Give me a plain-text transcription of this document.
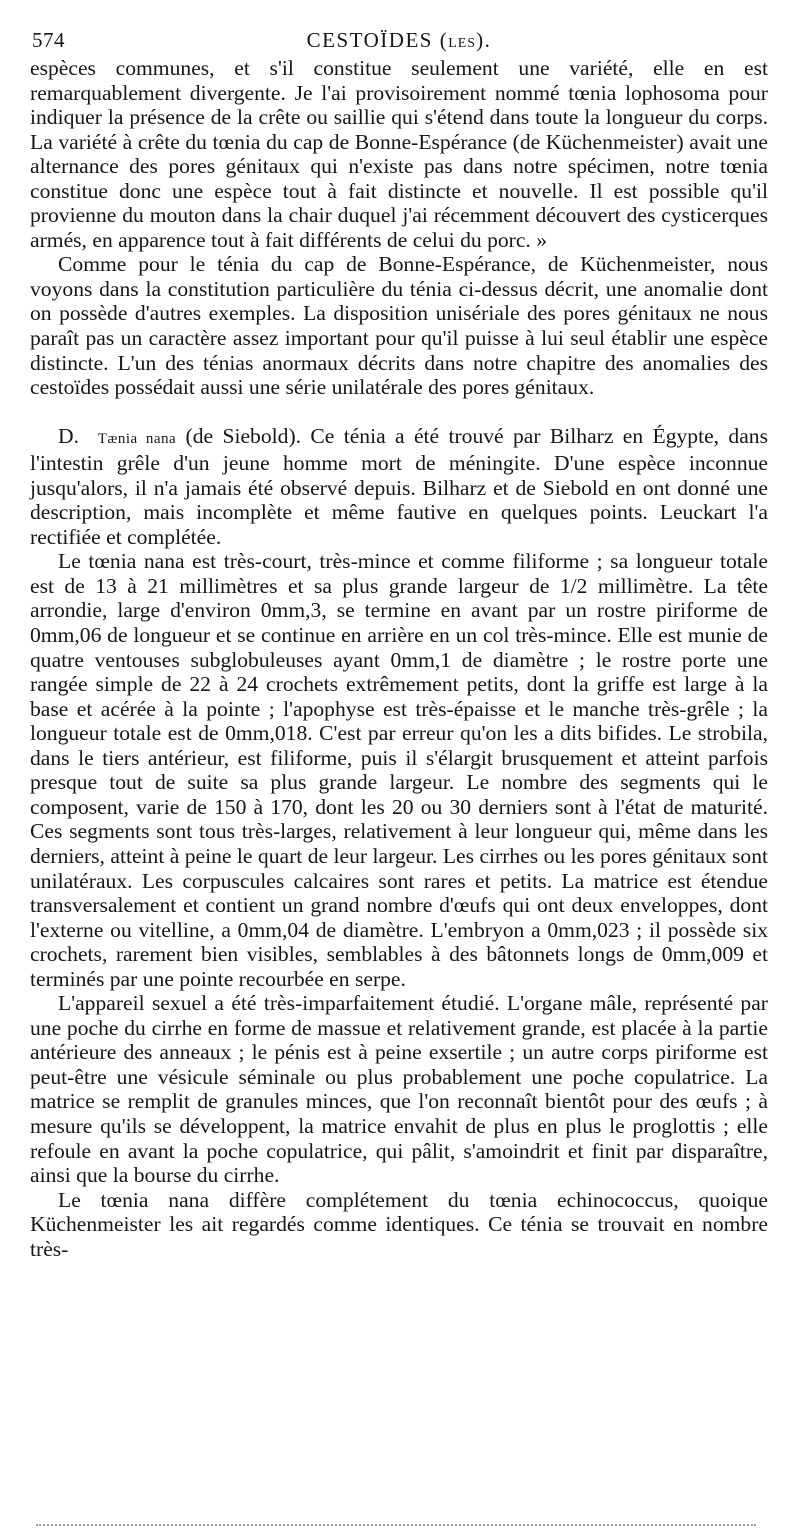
574	CESTOÏDES (LES).

espèces communes, et s'il constitue seulement une variété, elle en est remarquablement divergente. Je l'ai provisoirement nommé tœnia lophosoma pour indiquer la présence de la crête ou saillie qui s'étend dans toute la longueur du corps. La variété à crête du tœnia du cap de Bonne-Espérance (de Küchenmeister) avait une alternance des pores génitaux qui n'existe pas dans notre spécimen, notre tœnia constitue donc une espèce tout à fait distincte et nouvelle. Il est possible qu'il provienne du mouton dans la chair duquel j'ai récemment découvert des cysticerques armés, en apparence tout à fait différents de celui du porc. »

Comme pour le ténia du cap de Bonne-Espérance, de Küchenmeister, nous voyons dans la constitution particulière du ténia ci-dessus décrit, une anomalie dont on possède d'autres exemples. La disposition unisériale des pores génitaux ne nous paraît pas un caractère assez important pour qu'il puisse à lui seul établir une espèce distincte. L'un des ténias anormaux décrits dans notre chapitre des anomalies des cestoïdes possédait aussi une série unilatérale des pores génitaux.

D. Tænia nana (de Siebold). Ce ténia a été trouvé par Bilharz en Égypte, dans l'intestin grêle d'un jeune homme mort de méningite. D'une espèce inconnue jusqu'alors, il n'a jamais été observé depuis. Bilharz et de Siebold en ont donné une description, mais incomplète et même fautive en quelques points. Leuckart l'a rectifiée et complétée.

Le tœnia nana est très-court, très-mince et comme filiforme ; sa longueur totale est de 13 à 21 millimètres et sa plus grande largeur de 1/2 millimètre. La tête arrondie, large d'environ 0mm,3, se termine en avant par un rostre piriforme de 0mm,06 de longueur et se continue en arrière en un col très-mince. Elle est munie de quatre ventouses subglobuleuses ayant 0mm,1 de diamètre ; le rostre porte une rangée simple de 22 à 24 crochets extrêmement petits, dont la griffe est large à la base et acérée à la pointe ; l'apophyse est très-épaisse et le manche très-grêle ; la longueur totale est de 0mm,018. C'est par erreur qu'on les a dits bifides. Le strobila, dans le tiers antérieur, est filiforme, puis il s'élargit brusquement et atteint parfois presque tout de suite sa plus grande largeur. Le nombre des segments qui le composent, varie de 150 à 170, dont les 20 ou 30 derniers sont à l'état de maturité. Ces segments sont tous très-larges, relativement à leur longueur qui, même dans les derniers, atteint à peine le quart de leur largeur. Les cirrhes ou les pores génitaux sont unilatéraux. Les corpuscules calcaires sont rares et petits. La matrice est étendue transversalement et contient un grand nombre d'œufs qui ont deux enveloppes, dont l'externe ou vitelline, a 0mm,04 de diamètre. L'embryon a 0mm,023 ; il possède six crochets, rarement bien visibles, semblables à des bâtonnets longs de 0mm,009 et terminés par une pointe recourbée en serpe.

L'appareil sexuel a été très-imparfaitement étudié. L'organe mâle, représenté par une poche du cirrhe en forme de massue et relativement grande, est placée à la partie antérieure des anneaux ; le pénis est à peine exsertile ; un autre corps piriforme est peut-être une vésicule séminale ou plus probablement une poche copulatrice. La matrice se remplit de granules minces, que l'on reconnaît bientôt pour des œufs ; à mesure qu'ils se développent, la matrice envahit de plus en plus le proglottis ; elle refoule en avant la poche copulatrice, qui pâlit, s'amoindrit et finit par disparaître, ainsi que la bourse du cirrhe.

Le tœnia nana diffère complétement du tœnia echinococcus, quoique Küchenmeister les ait regardés comme identiques. Ce ténia se trouvait en nombre très-
